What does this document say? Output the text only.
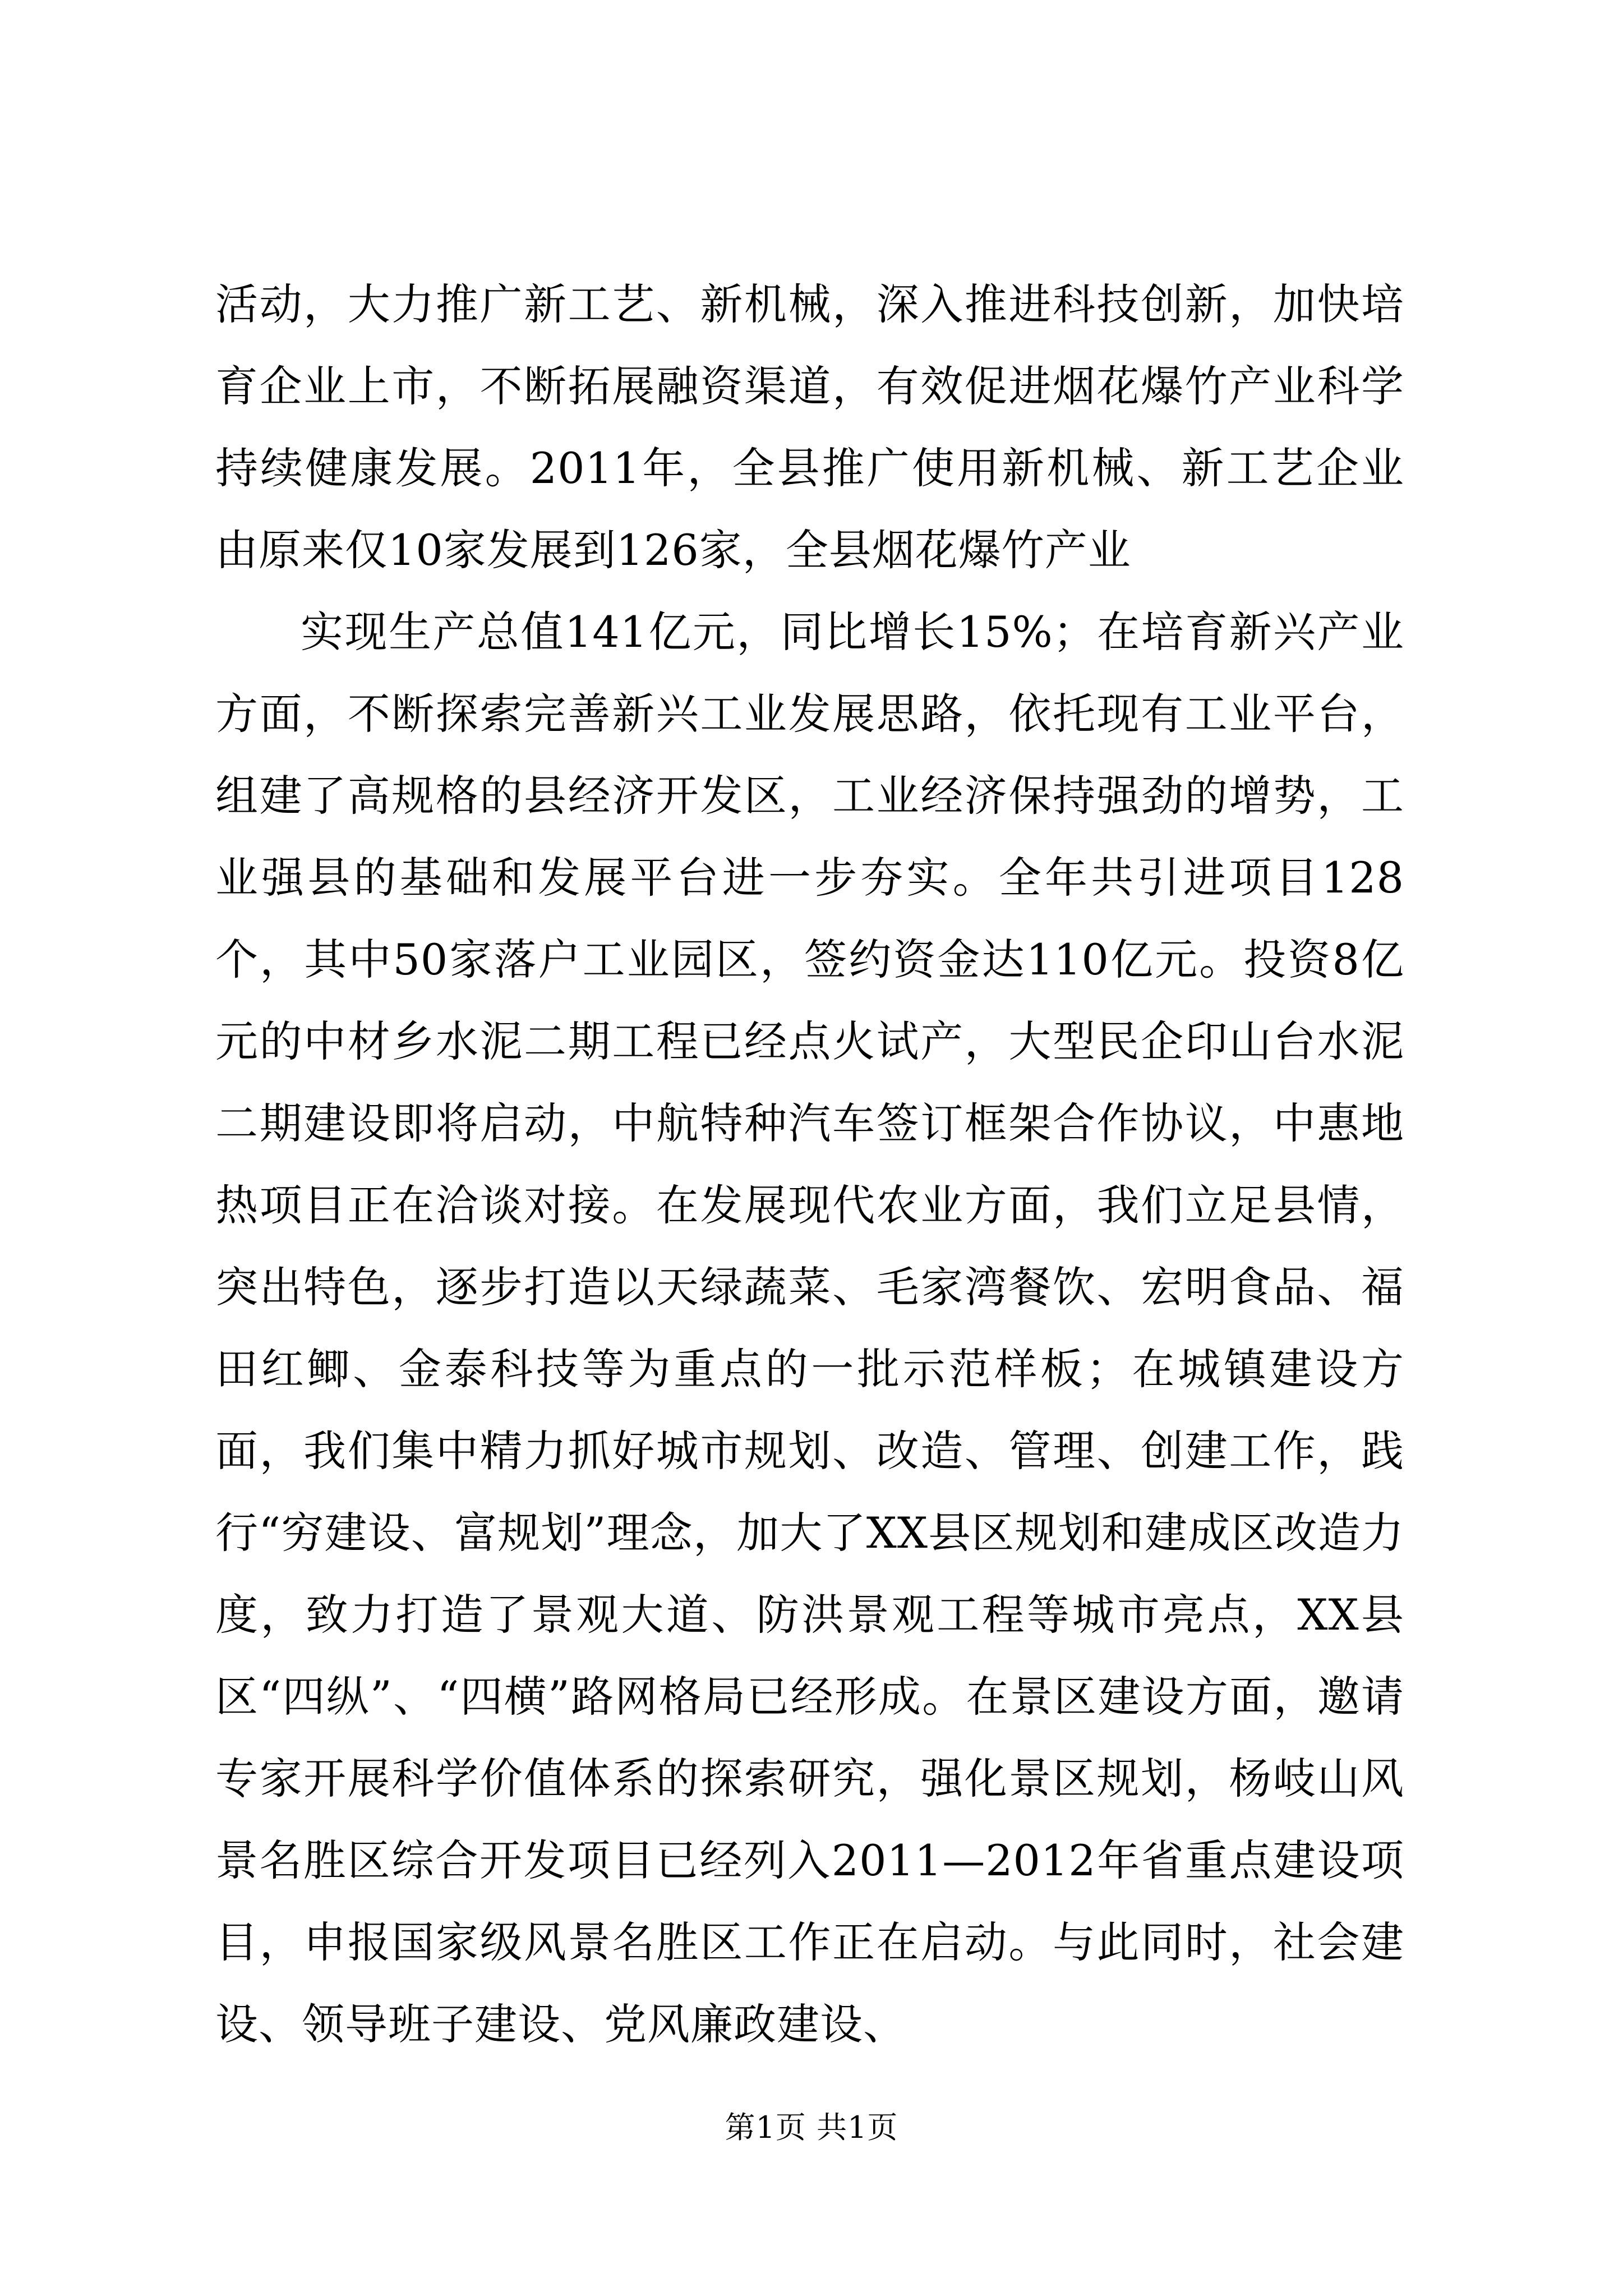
活动，大力推广新工艺、新机械，深入推进科技创新，加快培育企业上市，不断拓展融资渠道，有效促进烟花爆竹产业科学持续健康发展。2011年，全县推广使用新机械、新工艺企业由原来仅10家发展到126家，全县烟花爆竹产业

实现生产总值141亿元，同比增长15%；在培育新兴产业方面，不断探索完善新兴工业发展思路，依托现有工业平台，组建了高规格的县经济开发区，工业经济保持强劲的增势，工业强县的基础和发展平台进一步夯实。全年共引进项目128个，其中50家落户工业园区，签约资金达110亿元。投资8亿元的中材乡水泥二期工程已经点火试产，大型民企印山台水泥二期建设即将启动，中航特种汽车签订框架合作协议，中惠地热项目正在洽谈对接。在发展现代农业方面，我们立足县情，突出特色，逐步打造以天绿蔬菜、毛家湾餐饮、宏明食品、福田红鲫、金泰科技等为重点的一批示范样板；在城镇建设方面，我们集中精力抓好城市规划、改造、管理、创建工作，践行“穷建设、富规划”理念，加大了XX县区规划和建成区改造力度，致力打造了景观大道、防洪景观工程等城市亮点，XX县区“四纵”、“四横”路网格局已经形成。在景区建设方面，邀请专家开展科学价值体系的探索研究，强化景区规划，杨岐山风景名胜区综合开发项目已经列入2011—2012年省重点建设项目，申报国家级风景名胜区工作正在启动。与此同时，社会建设、领导班子建设、党风廉政建设、

第1页 共1页
